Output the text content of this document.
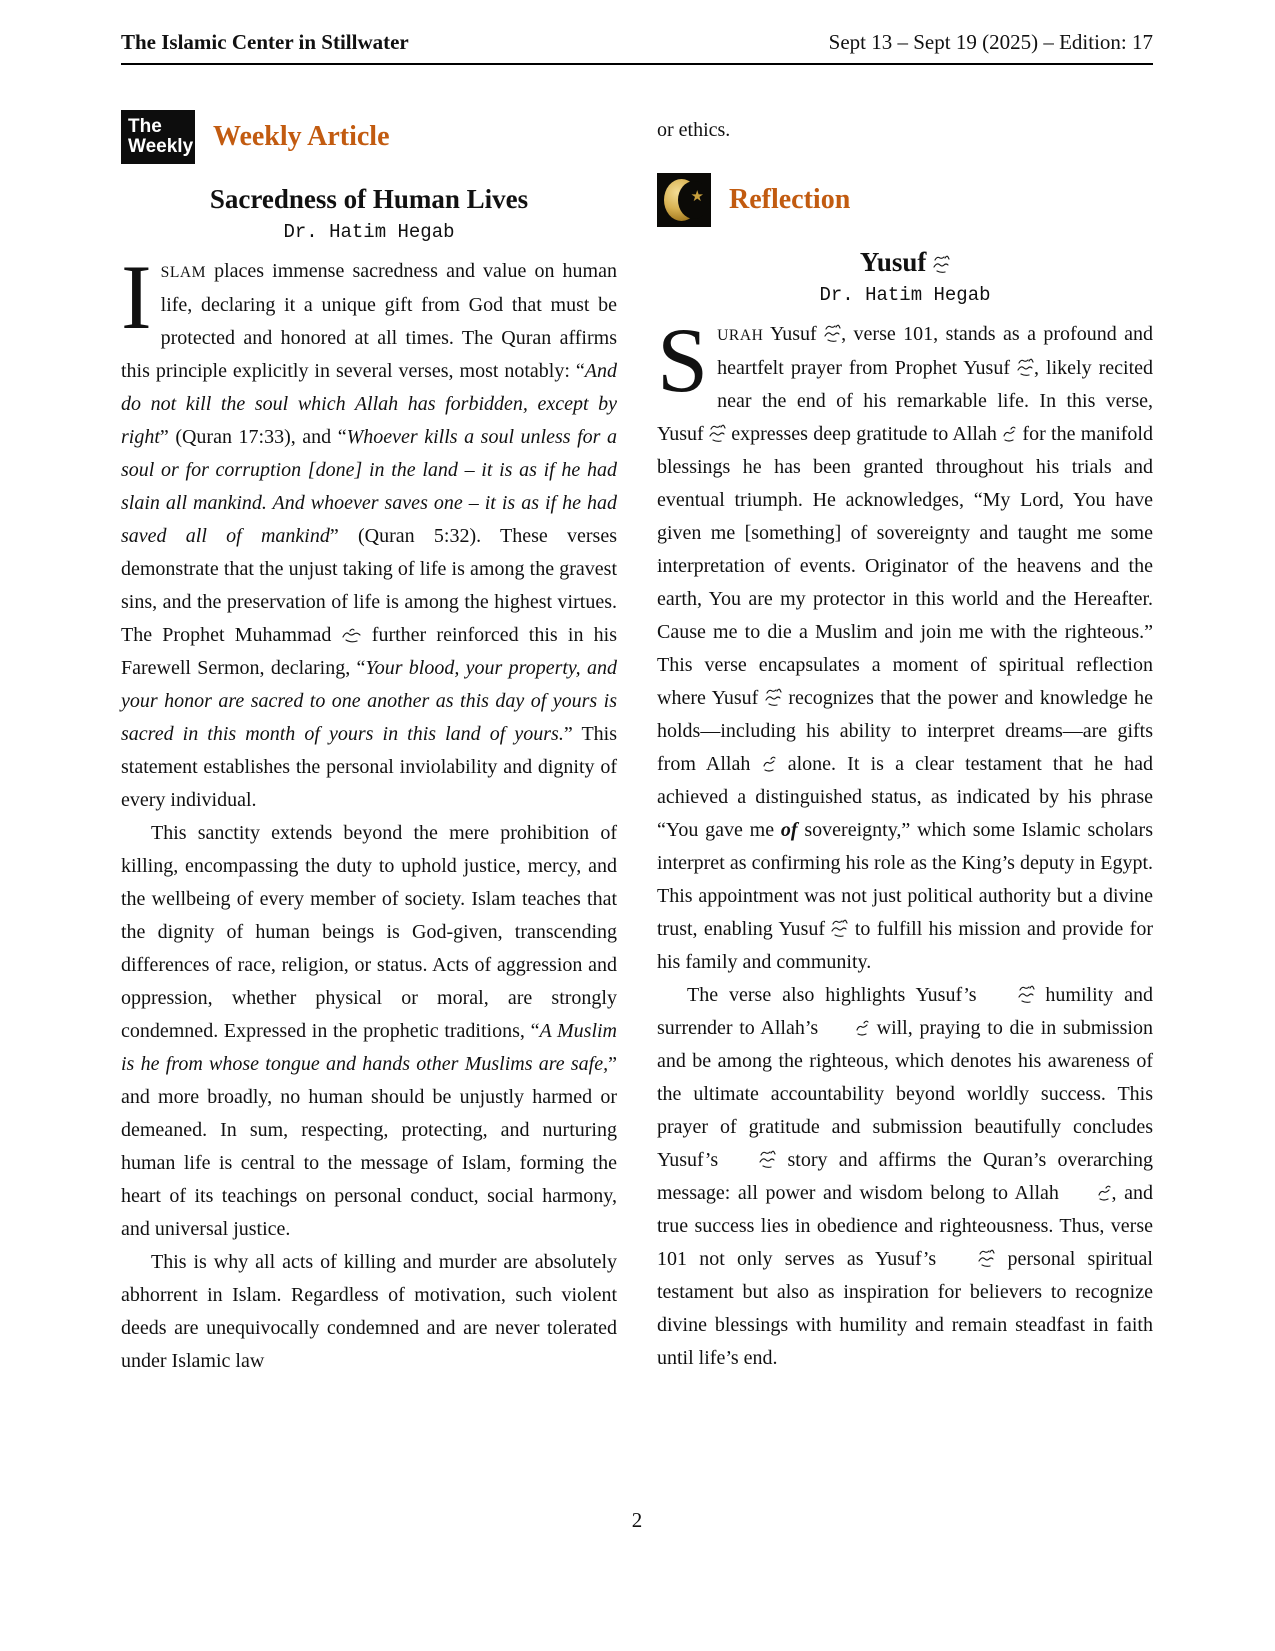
The Islamic Center in Stillwater	Sept 13 – Sept 19 (2025) – Edition: 17
The
Weekly Weekly Article
Sacredness of Human Lives
Dr. Hatim Hegab

ISLAM places immense sacredness and value on human life, declaring it a unique gift from God that must be protected and honored at all times. The Quran affirms this principle explicitly in several verses, most notably: “And do not kill the soul which Allah has forbidden, except by right” (Quran 17:33), and “Whoever kills a soul unless for a soul or for corruption [done] in the land – it is as if he had slain all mankind. And whoever saves one – it is as if he had saved all of mankind” (Quran 5:32). These verses demonstrate that the unjust taking of life is among the gravest sins, and the preservation of life is among the highest virtues. The Prophet Muhammad  further reinforced this in his Farewell Sermon, declaring, “Your blood, your property, and your honor are sacred to one another as this day of yours is sacred in this month of yours in this land of yours.” This statement establishes the personal inviolability and dignity of every individual.

This sanctity extends beyond the mere prohibition of killing, encompassing the duty to uphold justice, mercy, and the wellbeing of every member of society. Islam teaches that the dignity of human beings is God-given, transcending differences of race, religion, or status. Acts of aggression and oppression, whether physical or moral, are strongly condemned. Expressed in the prophetic traditions, “A Muslim is he from whose tongue and hands other Muslims are safe,” and more broadly, no human should be unjustly harmed or demeaned. In sum, respecting, protecting, and nurturing human life is central to the message of Islam, forming the heart of its teachings on personal conduct, social harmony, and universal justice.

This is why all acts of killing and murder are absolutely abhorrent in Islam. Regardless of motivation, such violent deeds are unequivocally condemned and are never tolerated under Islamic law

or ethics.

★ Reflection
Yusuf
Dr. Hatim Hegab

SURAH Yusuf , verse 101, stands as a profound and heartfelt prayer from Prophet Yusuf , likely recited near the end of his remarkable life. In this verse, Yusuf  expresses deep gratitude to Allah  for the manifold blessings he has been granted throughout his trials and eventual triumph. He acknowledges, “My Lord, You have given me [something] of sovereignty and taught me some interpretation of events. Originator of the heavens and the earth, You are my protector in this world and the Hereafter. Cause me to die a Muslim and join me with the righteous.” This verse encapsulates a moment of spiritual reflection where Yusuf  recognizes that the power and knowledge he holds—including his ability to interpret dreams—are gifts from Allah  alone. It is a clear testament that he had achieved a distinguished status, as indicated by his phrase “You gave me of sovereignty,” which some Islamic scholars interpret as confirming his role as the King’s deputy in Egypt. This appointment was not just political authority but a divine trust, enabling Yusuf  to fulfill his mission and provide for his family and community.

The verse also highlights Yusuf’s  humility and surrender to Allah’s  will, praying to die in submission and be among the righteous, which denotes his awareness of the ultimate accountability beyond worldly success. This prayer of gratitude and submission beautifully concludes Yusuf’s  story and affirms the Quran’s overarching message: all power and wisdom belong to Allah , and true success lies in obedience and righteousness. Thus, verse 101 not only serves as Yusuf’s  personal spiritual testament but also as inspiration for believers to recognize divine blessings with humility and remain steadfast in faith until life’s end.

2
